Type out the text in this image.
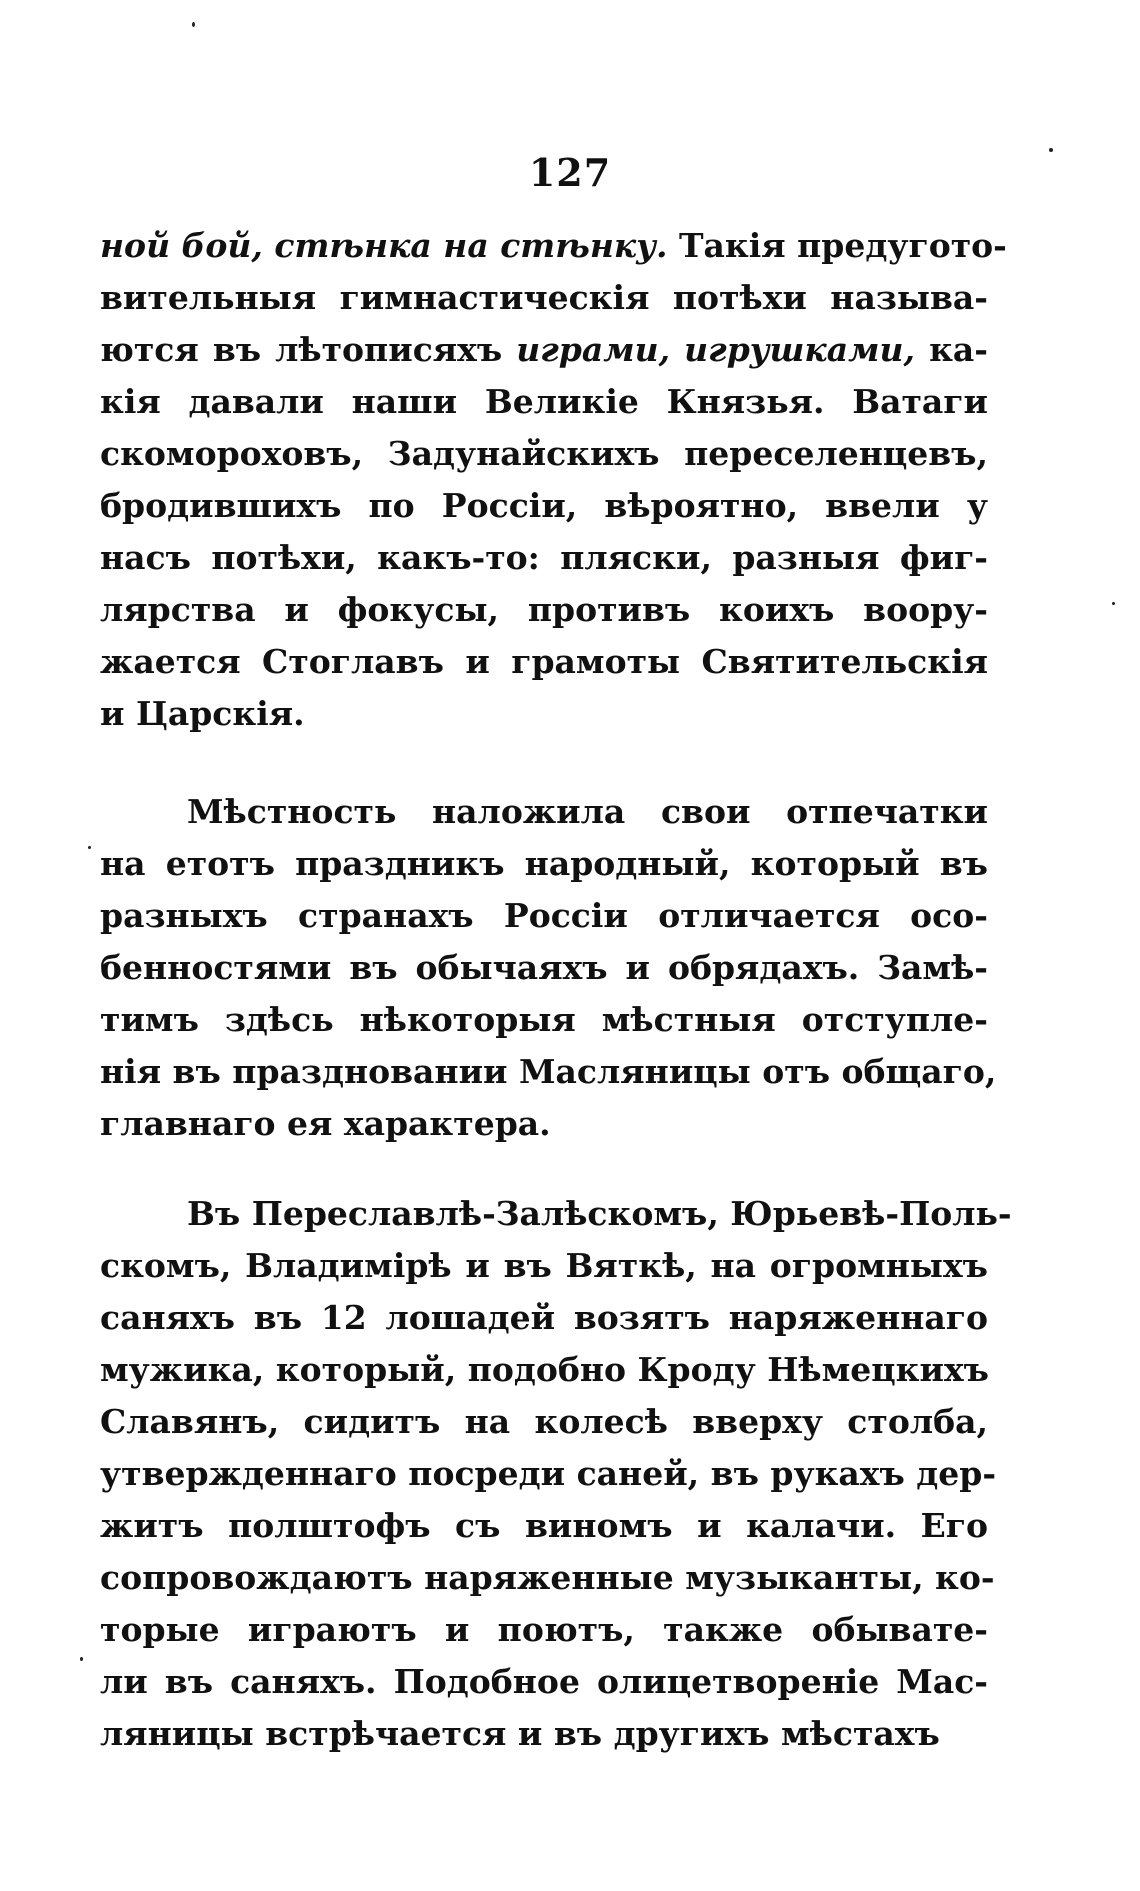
127
ной бой, стѣнка на стѣнку. Такія предугото-
вительныя гимнастическія потѣхи называ-
ются въ лѣтописяхъ играми, игрушками, ка-
кія давали наши Великіе Князья. Ватаги
скомороховъ, Задунайскихъ переселенцевъ,
бродившихъ по Россіи, вѣроятно, ввели у
насъ потѣхи, какъ-то: пляски, разныя фиг-
лярства и фокусы, противъ коихъ воору-
жается Стоглавъ и грамоты Святительскія
и Царскія.
Мѣстность наложила свои отпечатки
на етотъ праздникъ народный, который въ
разныхъ странахъ Россіи отличается осо-
бенностями въ обычаяхъ и обрядахъ. Замѣ-
тимъ здѣсь нѣкоторыя мѣстныя отступле-
нія въ праздновании Масляницы отъ общаго,
главнаго ея характера.
Въ Переславлѣ-Залѣскомъ, Юрьевѣ-Поль-
скомъ, Владимірѣ и въ Вяткѣ, на огромныхъ
саняхъ въ 12 лошадей возятъ наряженнаго
мужика, который, подобно Кроду Нѣмецкихъ
Славянъ, сидитъ на колесѣ вверху столба,
утвержденнаго посреди саней, въ рукахъ дер-
житъ полштофъ съ виномъ и калачи. Его
сопровождаютъ наряженные музыканты, ко-
торые играютъ и поютъ, также обывате-
ли въ саняхъ. Подобное олицетвореніе Мас-
ляницы встрѣчается и въ другихъ мѣстахъ
